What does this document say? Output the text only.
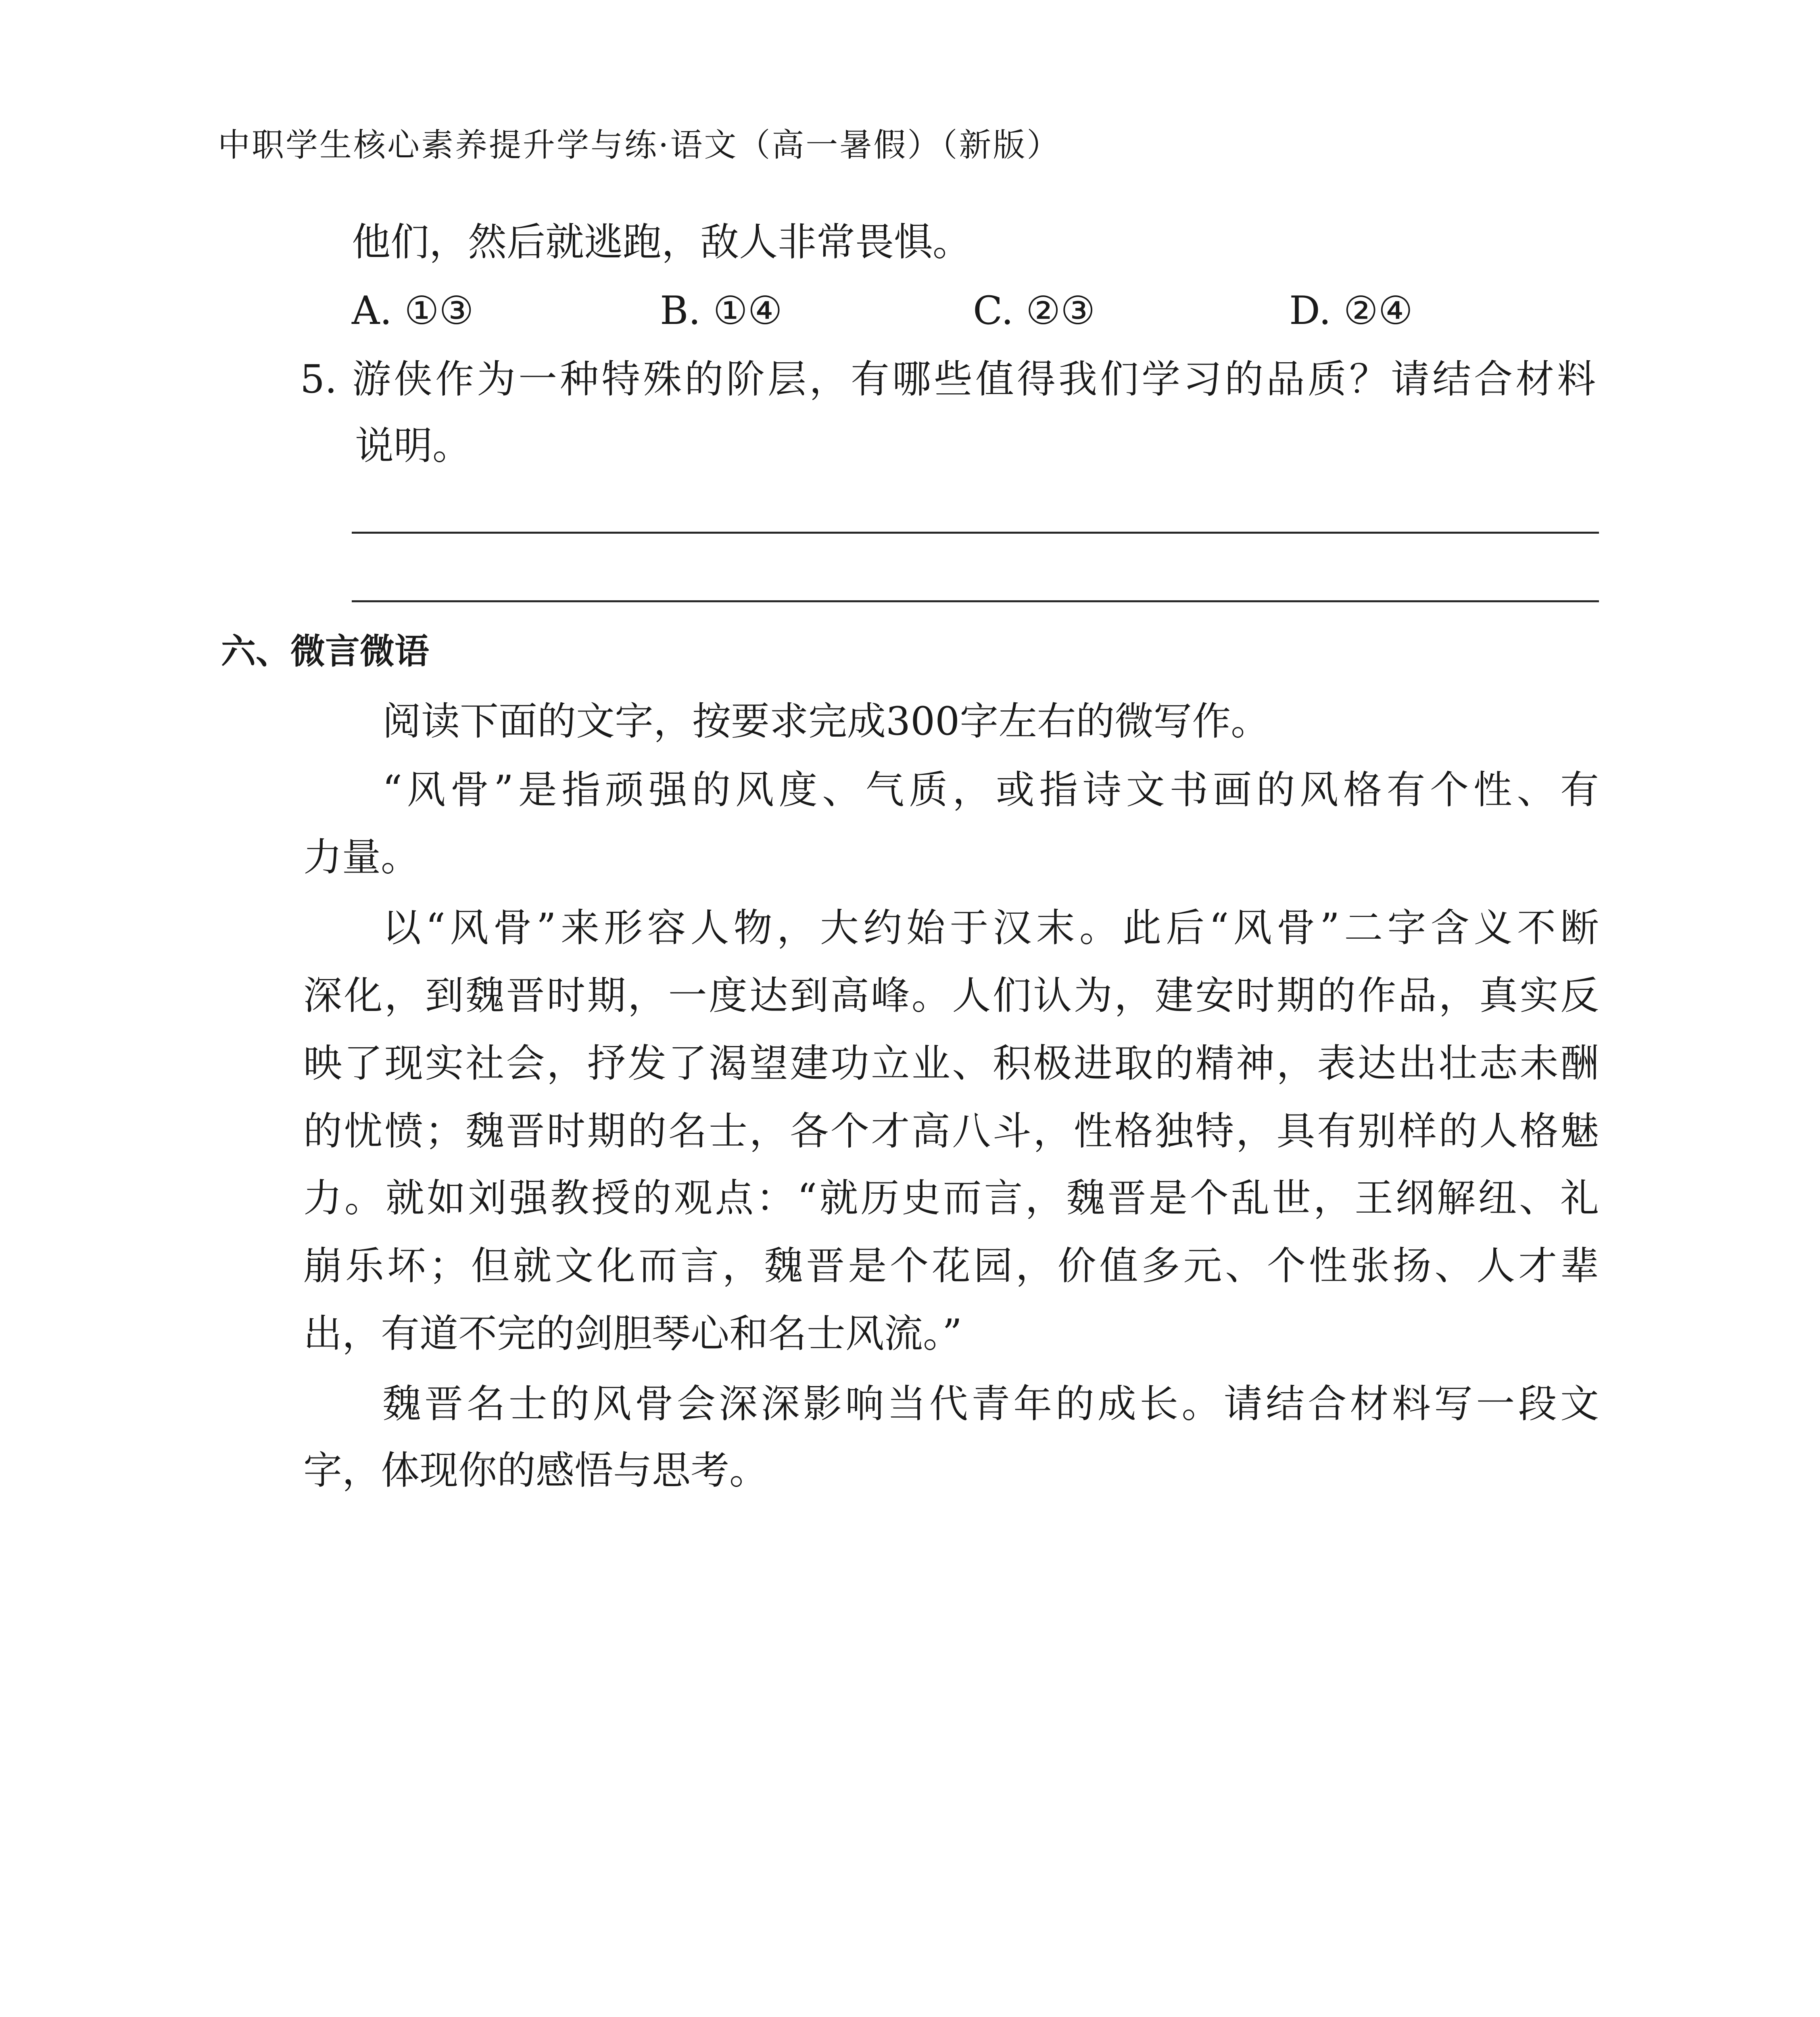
中职学生核心素养提升学与练·语文（高一暑假）（新版）
他们，然后就逃跑，敌人非常畏惧。
A. ①③	B. ①④	C. ②③	D. ②④
5. 游侠作为一种特殊的阶层，有哪些值得我们学习的品质？请结合材料
说明。
六、微言微语
阅读下面的文字，按要求完成300字左右的微写作。
“风骨”是指顽强的风度、气质，或指诗文书画的风格有个性、有
力量。
以“风骨”来形容人物，大约始于汉末。此后“风骨”二字含义不断
深化，到魏晋时期，一度达到高峰。人们认为，建安时期的作品，真实反
映了现实社会，抒发了渴望建功立业、积极进取的精神，表达出壮志未酬
的忧愤；魏晋时期的名士，各个才高八斗，性格独特，具有别样的人格魅
力。就如刘强教授的观点：“就历史而言，魏晋是个乱世，王纲解纽、礼
崩乐坏；但就文化而言，魏晋是个花园，价值多元、个性张扬、人才辈
出，有道不完的剑胆琴心和名士风流。”
魏晋名士的风骨会深深影响当代青年的成长。请结合材料写一段文
字，体现你的感悟与思考。
